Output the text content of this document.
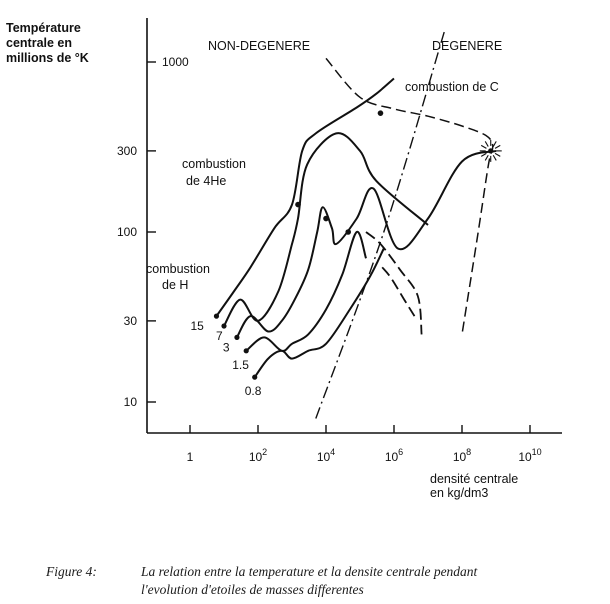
Température centrale en millions de °K
densité centrale en kg/dm3
NON-DEGENERE	DEGENERE
combustion de H
combustion de 4He
combustion de C
10
30
100
300
1000
1	$10^2$	$10^4$	$10^6$	$10^8$	$10^{10}$
15
7
3
1.5
0.8
Figure 4:	La relation entre la temperature et la densite centrale pendant
l'evolution d'etoiles de masses differentes
